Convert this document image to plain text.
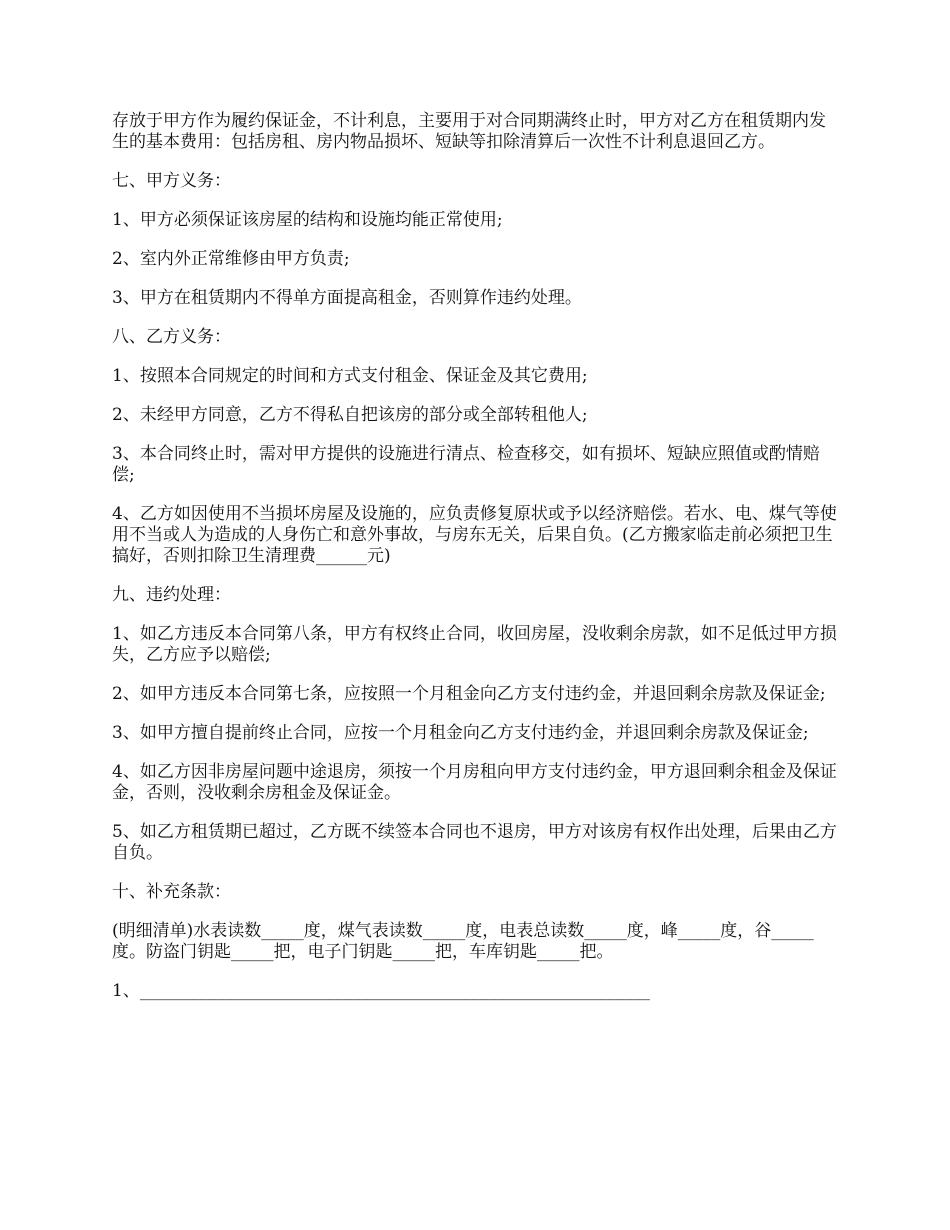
存放于甲方作为履约保证金，不计利息，主要用于对合同期满终止时，甲方对乙方在租赁期内发生的基本费用：包括房租、房内物品损坏、短缺等扣除清算后一次性不计利息退回乙方。

七、甲方义务：

1、甲方必须保证该房屋的结构和设施均能正常使用;

2、室内外正常维修由甲方负责;

3、甲方在租赁期内不得单方面提高租金，否则算作违约处理。

八、乙方义务：

1、按照本合同规定的时间和方式支付租金、保证金及其它费用;

2、未经甲方同意，乙方不得私自把该房的部分或全部转租他人;

3、本合同终止时，需对甲方提供的设施进行清点、检查移交，如有损坏、短缺应照值或酌情赔偿;

4、乙方如因使用不当损坏房屋及设施的，应负责修复原状或予以经济赔偿。若水、电、煤气等使用不当或人为造成的人身伤亡和意外事故，与房东无关，后果自负。(乙方搬家临走前必须把卫生搞好，否则扣除卫生清理费______元)

九、违约处理：

1、如乙方违反本合同第八条，甲方有权终止合同，收回房屋，没收剩余房款，如不足低过甲方损失，乙方应予以赔偿;

2、如甲方违反本合同第七条，应按照一个月租金向乙方支付违约金，并退回剩余房款及保证金;

3、如甲方擅自提前终止合同，应按一个月租金向乙方支付违约金，并退回剩余房款及保证金;

4、如乙方因非房屋问题中途退房，须按一个月房租向甲方支付违约金，甲方退回剩余租金及保证金，否则，没收剩余房租金及保证金。

5、如乙方租赁期已超过，乙方既不续签本合同也不退房，甲方对该房有权作出处理，后果由乙方自负。

十、补充条款：

(明细清单)水表读数_____度，煤气表读数_____度，电表总读数_____度，峰_____度，谷_____度。防盗门钥匙_____把，电子门钥匙_____把，车库钥匙_____把。

1、____________________________________________________________
